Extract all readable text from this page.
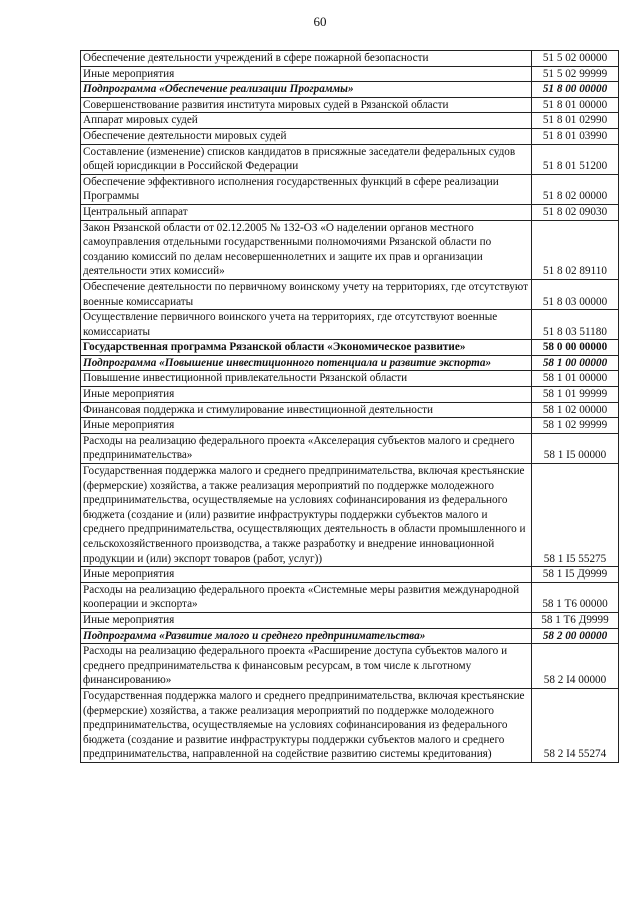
60
Обеспечение деятельности учреждений в сфере пожарной безопасности	51 5 02 00000
Иные мероприятия	51 5 02 99999
Подпрограмма «Обеспечение реализации Программы»	51 8 00 00000
Совершенствование развития института мировых судей в Рязанской области	51 8 01 00000
Аппарат мировых судей	51 8 01 02990
Обеспечение деятельности мировых судей	51 8 01 03990
Составление (изменение) списков кандидатов в присяжные заседатели федеральных судов общей юрисдикции в Российской Федерации	51 8 01 51200
Обеспечение эффективного исполнения государственных функций в сфере реализации Программы	51 8 02 00000
Центральный аппарат	51 8 02 09030
Закон Рязанской области от 02.12.2005 № 132-ОЗ «О наделении органов местного самоуправления отдельными государственными полномочиями Рязанской области по созданию комиссий по делам несовершеннолетних и защите их прав и организации деятельности этих комиссий»	51 8 02 89110
Обеспечение деятельности по первичному воинскому учету на территориях, где отсутствуют военные комиссариаты	51 8 03 00000
Осуществление первичного воинского учета на территориях, где отсутствуют военные комиссариаты	51 8 03 51180
Государственная программа Рязанской области «Экономическое развитие»	58 0 00 00000
Подпрограмма «Повышение инвестиционного потенциала и развитие экспорта»	58 1 00 00000
Повышение инвестиционной привлекательности Рязанской области	58 1 01 00000
Иные мероприятия	58 1 01 99999
Финансовая поддержка и стимулирование инвестиционной деятельности	58 1 02 00000
Иные мероприятия	58 1 02 99999
Расходы на реализацию федерального проекта «Акселерация субъектов малого и среднего предпринимательства»	58 1 I5 00000
Государственная поддержка малого и среднего предпринимательства, включая крестьянские (фермерские) хозяйства, а также реализация мероприятий по поддержке молодежного предпринимательства, осуществляемые на условиях софинансирования из федерального бюджета (создание и (или) развитие инфраструктуры поддержки субъектов малого и среднего предпринимательства, осуществляющих деятельность в области промышленного и сельскохозяйственного производства, а также разработку и внедрение инновационной продукции и (или) экспорт товаров (работ, услуг))	58 1 I5 55275
Иные мероприятия	58 1 I5 Д9999
Расходы на реализацию федерального проекта «Системные меры развития международной кооперации и экспорта»	58 1 T6 00000
Иные мероприятия	58 1 T6 Д9999
Подпрограмма «Развитие малого и среднего предпринимательства»	58 2 00 00000
Расходы на реализацию федерального проекта «Расширение доступа субъектов малого и среднего предпринимательства к финансовым ресурсам, в том числе к льготному финансированию»	58 2 I4 00000
Государственная поддержка малого и среднего предпринимательства, включая крестьянские (фермерские) хозяйства, а также реализация мероприятий по поддержке молодежного предпринимательства, осуществляемые на условиях софинансирования из федерального бюджета (создание и развитие инфраструктуры поддержки субъектов малого и среднего предпринимательства, направленной на содействие развитию системы кредитования)	58 2 I4 55274
